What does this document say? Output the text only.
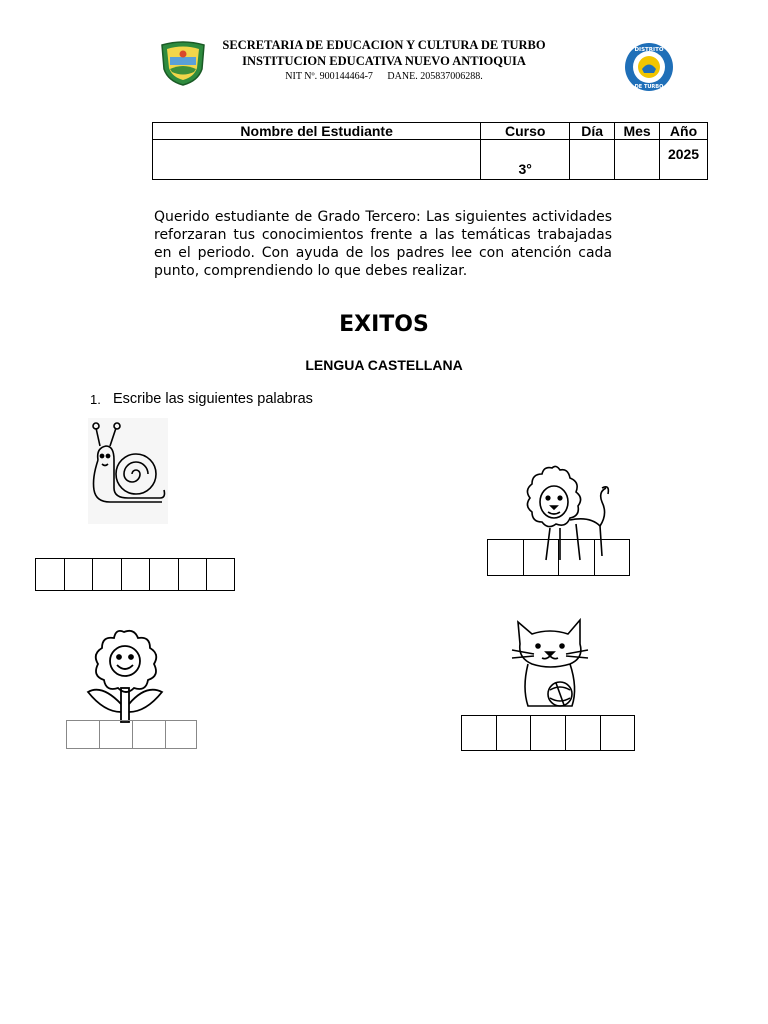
SECRETARIA DE EDUCACION Y CULTURA DE TURBO
INSTITUCION EDUCATIVA NUEVO ANTIOQUIA
NIT Nº. 900144464-7 DANE. 205837006288.
DISTRITO
DE TURBO
Nombre del Estudiante	Curso	Día	Mes	Año
	3°			2025
Querido estudiante de Grado Tercero: Las siguientes actividades reforzaran tus conocimientos frente a las temáticas trabajadas en el periodo. Con ayuda de los padres lee con atención cada punto, comprendiendo lo que debes realizar.
EXITOS
LENGUA CASTELLANA
1. Escribe las siguientes palabras
